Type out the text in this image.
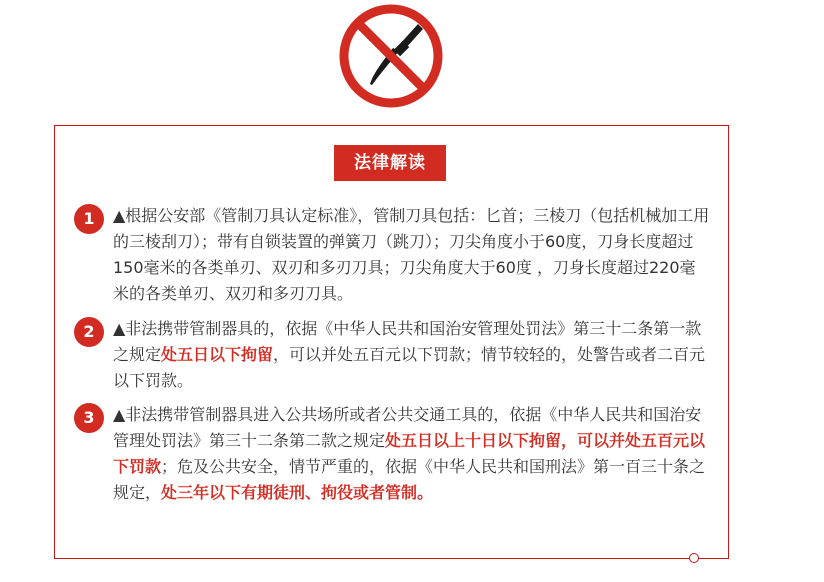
法律解读
1	▲根据公安部《管制刀具认定标准》，管制刀具包括：匕首；三棱刀（包括机械加工用的三棱刮刀）；带有自锁装置的弹簧刀（跳刀）；刀尖角度小于60度，刀身长度超过150毫米的各类单刃、双刃和多刃刀具；刀尖角度大于60度 ，刀身长度超过220毫米的各类单刃、双刃和多刃刀具。

2	▲非法携带管制器具的，依据《中华人民共和国治安管理处罚法》第三十二条第一款之规定处五日以下拘留，可以并处五百元以下罚款；情节较轻的，处警告或者二百元以下罚款。

3	▲非法携带管制器具进入公共场所或者公共交通工具的，依据《中华人民共和国治安管理处罚法》第三十二条第二款之规定处五日以上十日以下拘留，可以并处五百元以下罚款；危及公共安全，情节严重的，依据《中华人民共和国刑法》第一百三十条之规定，处三年以下有期徒刑、拘役或者管制。
